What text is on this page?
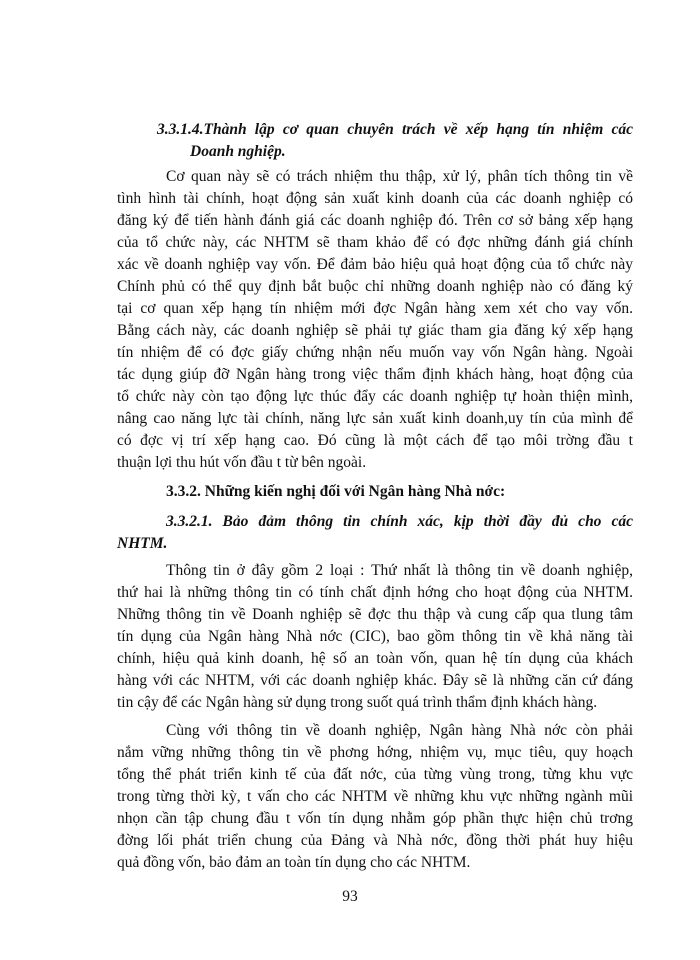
3.3.1.4.Thành lập cơ quan chuyên trách về xếp hạng tín nhiệm các
Doanh nghiệp.
Cơ quan này sẽ có trách nhiệm thu thập, xử lý, phân tích thông tin về
tình hình tài chính, hoạt động sản xuất kinh doanh của các doanh nghiệp có
đăng ký để tiến hành đánh giá các doanh nghiệp đó. Trên cơ sở bảng xếp hạng
của tổ chức này, các NHTM sẽ tham khảo để có đợc những đánh giá chính
xác về doanh nghiệp vay vốn. Để đảm bảo hiệu quả hoạt động của tổ chức này
Chính phủ có thể quy định bắt buộc chỉ những doanh nghiệp nào có đăng ký
tại cơ quan xếp hạng tín nhiệm mới đợc Ngân hàng xem xét cho vay vốn.
Bằng cách này, các doanh nghiệp sẽ phải tự giác tham gia đăng ký xếp hạng
tín nhiệm để có đợc giấy chứng nhận nếu muốn vay vốn Ngân hàng. Ngoài
tác dụng giúp đỡ Ngân hàng trong việc thẩm định khách hàng, hoạt động của
tổ chức này còn tạo động lực thúc đẩy các doanh nghiệp tự hoàn thiện mình,
nâng cao năng lực tài chính, năng lực sản xuất kinh doanh,uy tín của mình để
có đợc vị trí xếp hạng cao. Đó cũng là một cách để tạo môi trờng đầu t
thuận lợi thu hút vốn đầu t từ bên ngoài.
3.3.2. Những kiến nghị đối với Ngân hàng Nhà nớc:
3.3.2.1. Bảo đảm thông tin chính xác, kịp thời đầy đủ cho các
NHTM.
Thông tin ở đây gồm 2 loại : Thứ nhất là thông tin về doanh nghiệp,
thứ hai là những thông tin có tính chất định hớng cho hoạt động của NHTM.
Những thông tin về Doanh nghiệp sẽ đợc thu thập và cung cấp qua tlung tâm
tín dụng của Ngân hàng Nhà nớc (CIC), bao gồm thông tin về khả năng tài
chính, hiệu quả kinh doanh, hệ số an toàn vốn, quan hệ tín dụng của khách
hàng với các NHTM, với các doanh nghiệp khác. Đây sẽ là những căn cứ đáng
tin cậy để các Ngân hàng sử dụng trong suốt quá trình thẩm định khách hàng.
Cùng với thông tin về doanh nghiệp, Ngân hàng Nhà nớc còn phải
nắm vững những thông tin về phơng hớng, nhiệm vụ, mục tiêu, quy hoạch
tổng thể phát triển kinh tế của đất nớc, của từng vùng trong, từng khu vực
trong từng thời kỳ, t vấn cho các NHTM về những khu vực những ngành mũi
nhọn cần tập chung đầu t vốn tín dụng nhằm góp phần thực hiện chủ trơng
đờng lối phát triển chung của Đảng và Nhà nớc, đồng thời phát huy hiệu
quả đồng vốn, bảo đảm an toàn tín dụng cho các NHTM.
93
